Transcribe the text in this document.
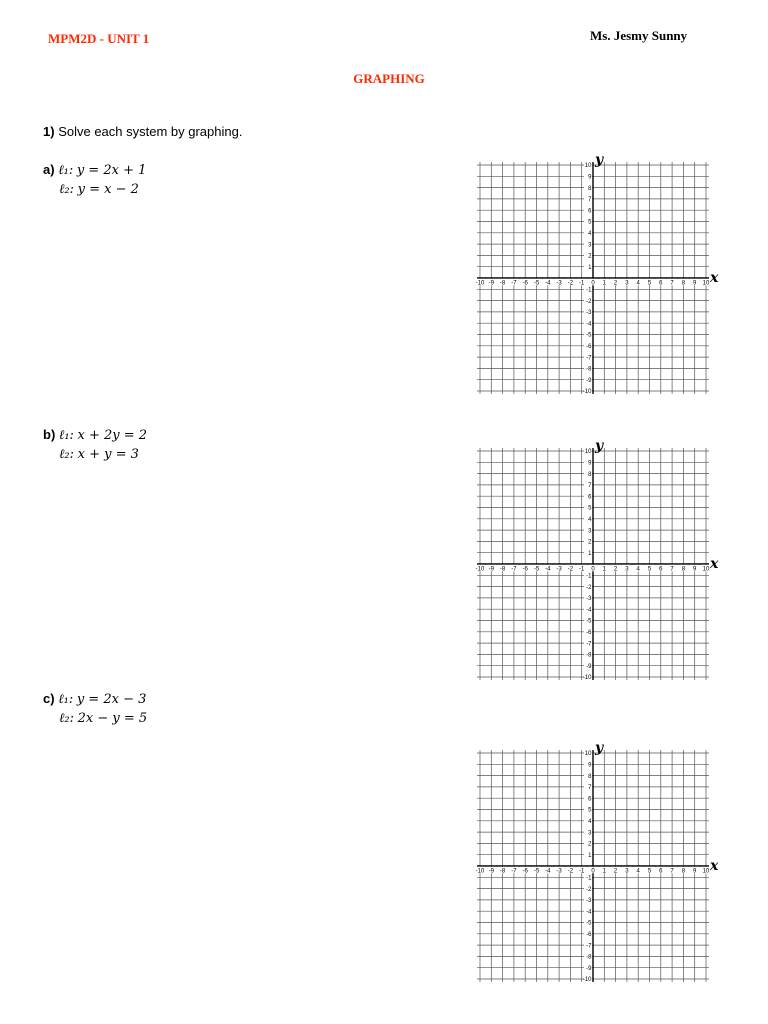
MPM2D - UNIT 1	Ms. Jesmy Sunny
GRAPHING
1) Solve each system by graphing.
a) ℓ₁: y = 2x + 1
ℓ₂: y = x − 2
b) ℓ₁: x + 2y = 2
ℓ₂: x + y = 3
c) ℓ₁: y = 2x − 3
ℓ₂: 2x − y = 5
-10 -9 -8 -7 -6 -5 -4 -3 -2 -1 0 1 2 3 4 5 6 7 8 9 10
10
9
8
7
6
5
4
3
2
1
-1
-2
-3
-4
-5
-6
-7
-8
-9
-10
x
y
-10 -9 -8 -7 -6 -5 -4 -3 -2 -1 0 1 2 3 4 5 6 7 8 9 10
10
9
8
7
6
5
4
3
2
1
-1
-2
-3
-4
-5
-6
-7
-8
-9
-10
x
y
-10 -9 -8 -7 -6 -5 -4 -3 -2 -1 0 1 2 3 4 5 6 7 8 9 10
10
9
8
7
6
5
4
3
2
1
-1
-2
-3
-4
-5
-6
-7
-8
-9
-10
x
y
